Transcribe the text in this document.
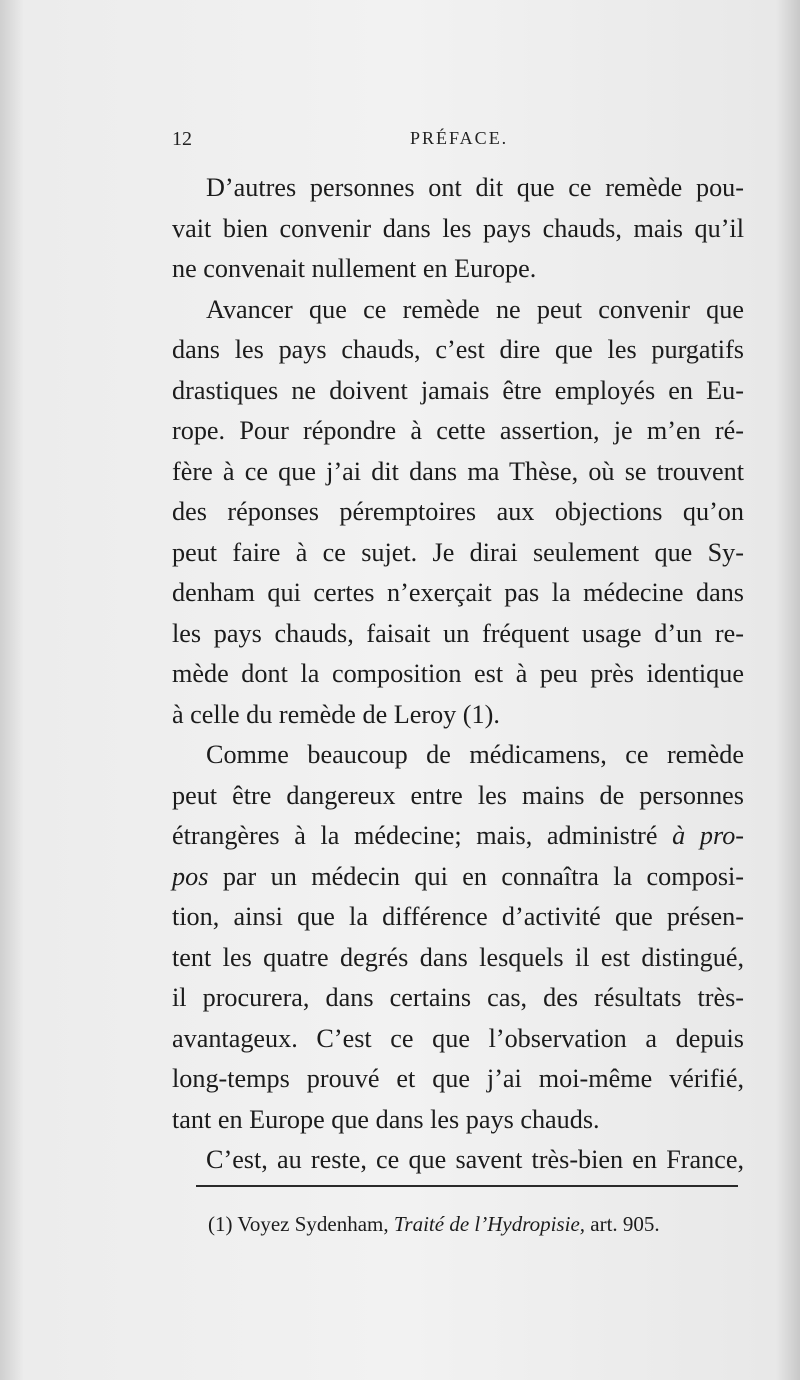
12	PRÉFACE.
D’autres personnes ont dit que ce remède pou-
vait bien convenir dans les pays chauds, mais qu’il
ne convenait nullement en Europe.
Avancer que ce remède ne peut convenir que
dans les pays chauds, c’est dire que les purgatifs
drastiques ne doivent jamais être employés en Eu-
rope. Pour répondre à cette assertion, je m’en ré-
fère à ce que j’ai dit dans ma Thèse, où se trouvent
des réponses péremptoires aux objections qu’on
peut faire à ce sujet. Je dirai seulement que Sy-
denham qui certes n’exerçait pas la médecine dans
les pays chauds, faisait un fréquent usage d’un re-
mède dont la composition est à peu près identique
à celle du remède de Leroy (1).
Comme beaucoup de médicamens, ce remède
peut être dangereux entre les mains de personnes
étrangères à la médecine; mais, administré à pro-
pos par un médecin qui en connaîtra la composi-
tion, ainsi que la différence d’activité que présen-
tent les quatre degrés dans lesquels il est distingué,
il procurera, dans certains cas, des résultats très-
avantageux. C’est ce que l’observation a depuis
long-temps prouvé et que j’ai moi-même vérifié,
tant en Europe que dans les pays chauds.
C’est, au reste, ce que savent très-bien en France,
(1) Voyez Sydenham, Traité de l’Hydropisie, art. 905.
